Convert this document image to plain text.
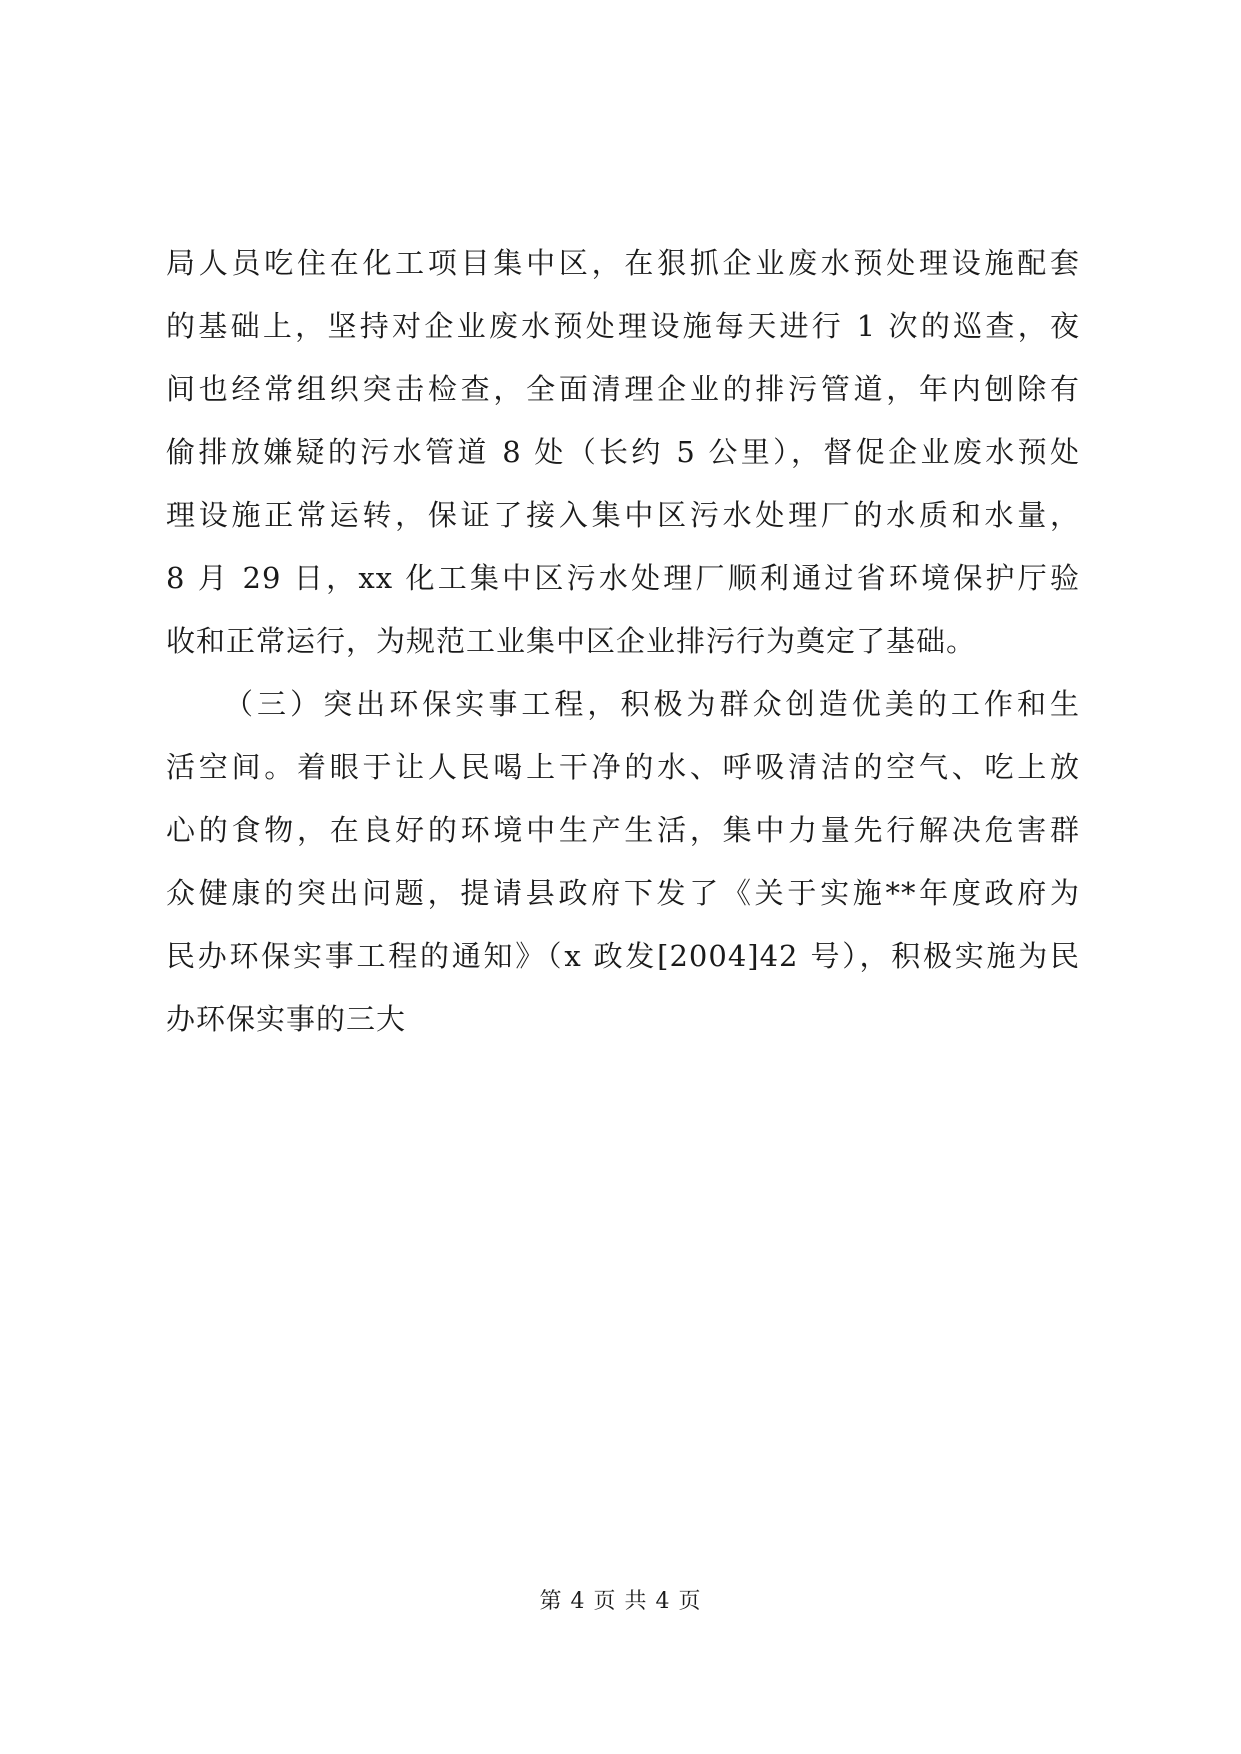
局人员吃住在化工项目集中区，在狠抓企业废水预处理设施配套
的基础上，坚持对企业废水预处理设施每天进行 1 次的巡查，夜
间也经常组织突击检查，全面清理企业的排污管道，年内刨除有
偷排放嫌疑的污水管道 8 处（长约 5 公里），督促企业废水预处
理设施正常运转，保证了接入集中区污水处理厂的水质和水量，
8 月 29 日，xx 化工集中区污水处理厂顺利通过省环境保护厅验
收和正常运行，为规范工业集中区企业排污行为奠定了基础。
（三）突出环保实事工程，积极为群众创造优美的工作和生
活空间。着眼于让人民喝上干净的水、呼吸清洁的空气、吃上放
心的食物，在良好的环境中生产生活，集中力量先行解决危害群
众健康的突出问题，提请县政府下发了《关于实施**年度政府为
民办环保实事工程的通知》（x 政发[2004]42 号），积极实施为民
办环保实事的三大
第 4 页 共 4 页
